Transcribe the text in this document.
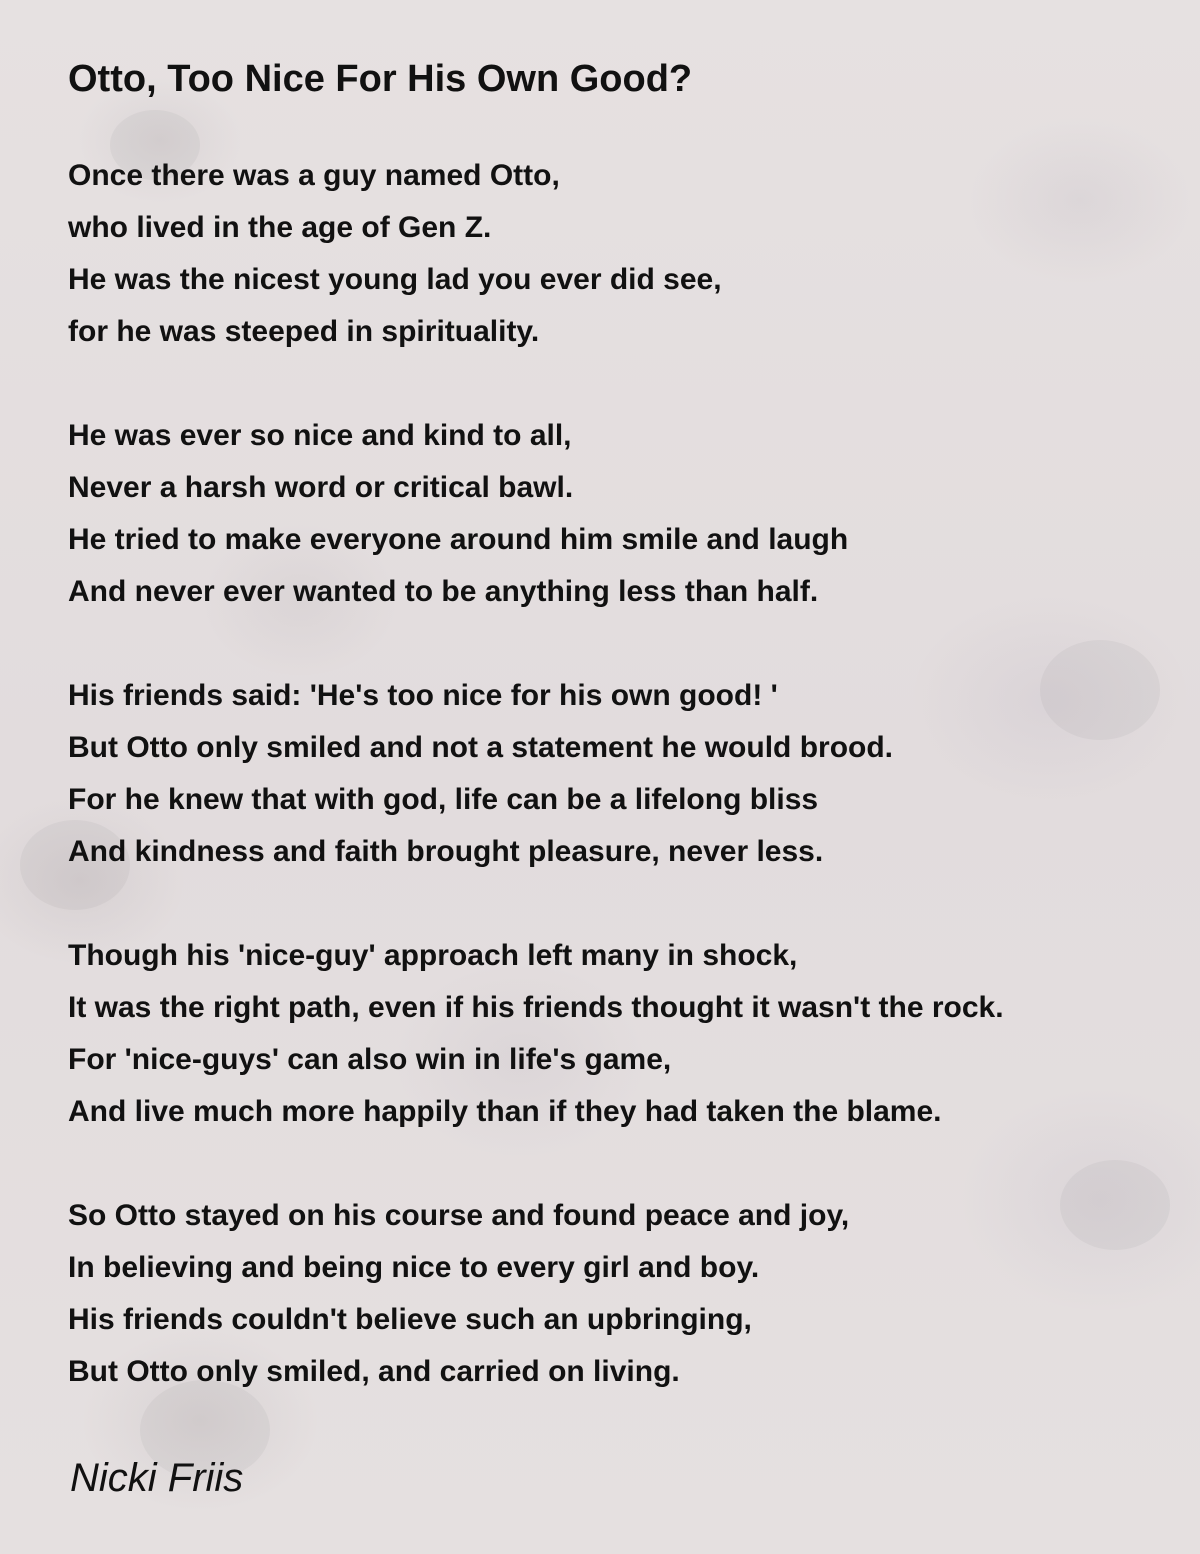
Otto, Too Nice For His Own Good?
Once there was a guy named Otto,
who lived in the age of Gen Z.
He was the nicest young lad you ever did see,
for he was steeped in spirituality.
He was ever so nice and kind to all,
Never a harsh word or critical bawl.
He tried to make everyone around him smile and laugh
And never ever wanted to be anything less than half.
His friends said: 'He's too nice for his own good! '
But Otto only smiled and not a statement he would brood.
For he knew that with god, life can be a lifelong bliss
And kindness and faith brought pleasure, never less.
Though his 'nice-guy' approach left many in shock,
It was the right path, even if his friends thought it wasn't the rock.
For 'nice-guys' can also win in life's game,
And live much more happily than if they had taken the blame.
So Otto stayed on his course and found peace and joy,
In believing and being nice to every girl and boy.
His friends couldn't believe such an upbringing,
But Otto only smiled, and carried on living.

Nicki Friis
